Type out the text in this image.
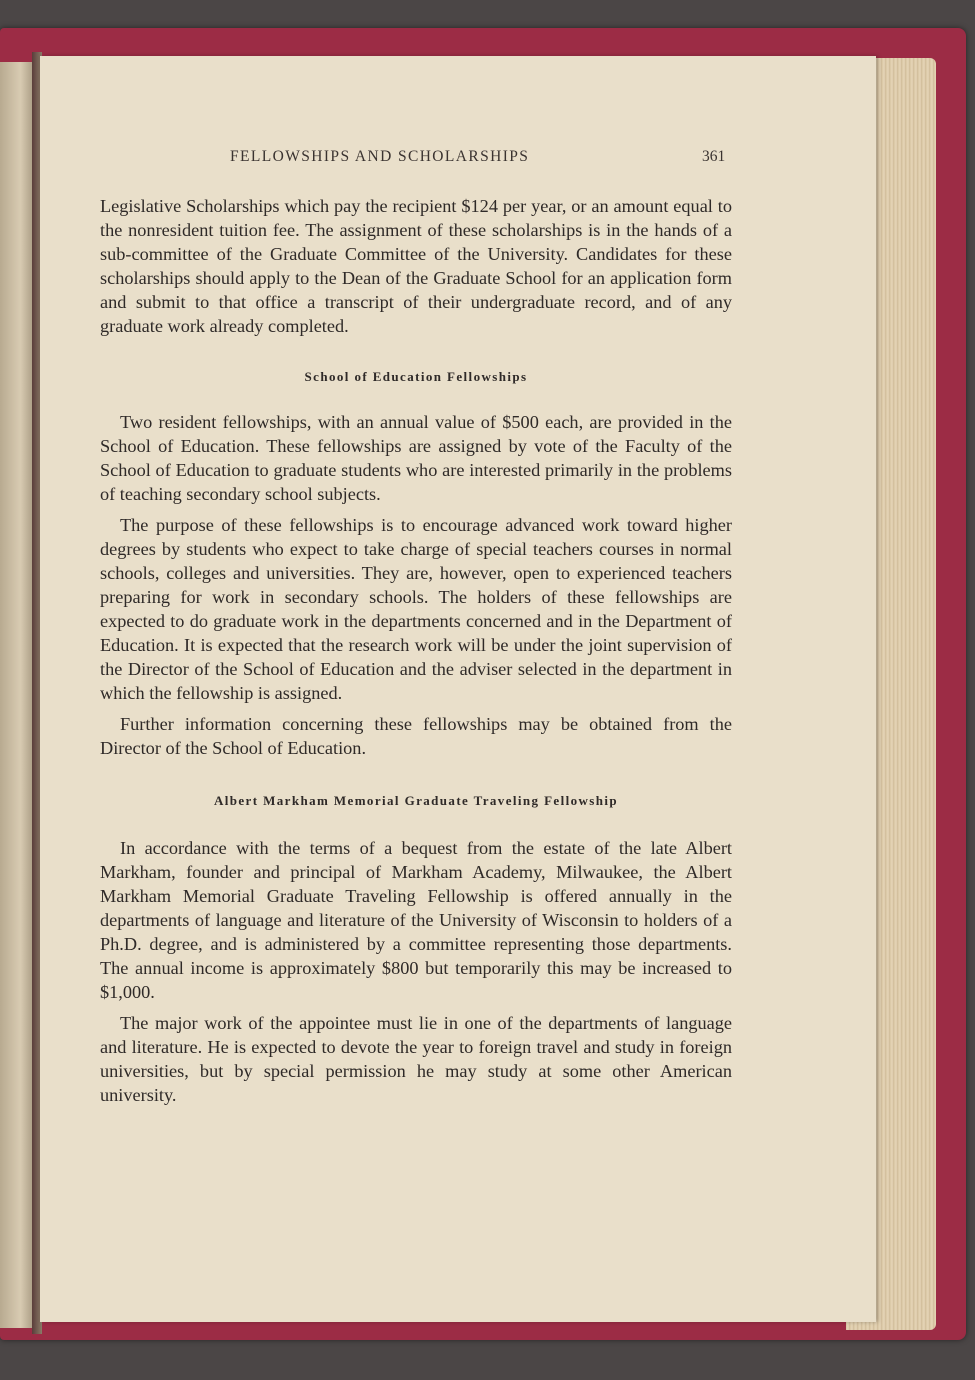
FELLOWSHIPS AND SCHOLARSHIPS	361

Legislative Scholarships which pay the recipient $124 per year, or an amount equal to the nonresident tuition fee. The assignment of these scholarships is in the hands of a sub-committee of the Graduate Committee of the University. Candidates for these scholarships should apply to the Dean of the Graduate School for an application form and submit to that office a transcript of their undergraduate record, and of any graduate work already completed.

School of Education Fellowships

Two resident fellowships, with an annual value of $500 each, are provided in the School of Education. These fellowships are assigned by vote of the Faculty of the School of Education to graduate students who are interested primarily in the problems of teaching secondary school subjects.

The purpose of these fellowships is to encourage advanced work toward higher degrees by students who expect to take charge of special teachers courses in normal schools, colleges and universities. They are, however, open to experienced teachers preparing for work in secondary schools. The holders of these fellowships are expected to do graduate work in the departments concerned and in the Department of Education. It is expected that the research work will be under the joint supervision of the Director of the School of Education and the adviser selected in the department in which the fellowship is assigned.

Further information concerning these fellowships may be obtained from the Director of the School of Education.

Albert Markham Memorial Graduate Traveling Fellowship

In accordance with the terms of a bequest from the estate of the late Albert Markham, founder and principal of Markham Academy, Milwaukee, the Albert Markham Memorial Graduate Traveling Fellowship is offered annually in the departments of language and literature of the University of Wisconsin to holders of a Ph.D. degree, and is administered by a committee representing those departments. The annual income is approximately $800 but temporarily this may be increased to $1,000.

The major work of the appointee must lie in one of the departments of language and literature. He is expected to devote the year to foreign travel and study in foreign universities, but by special permission he may study at some other American university.
